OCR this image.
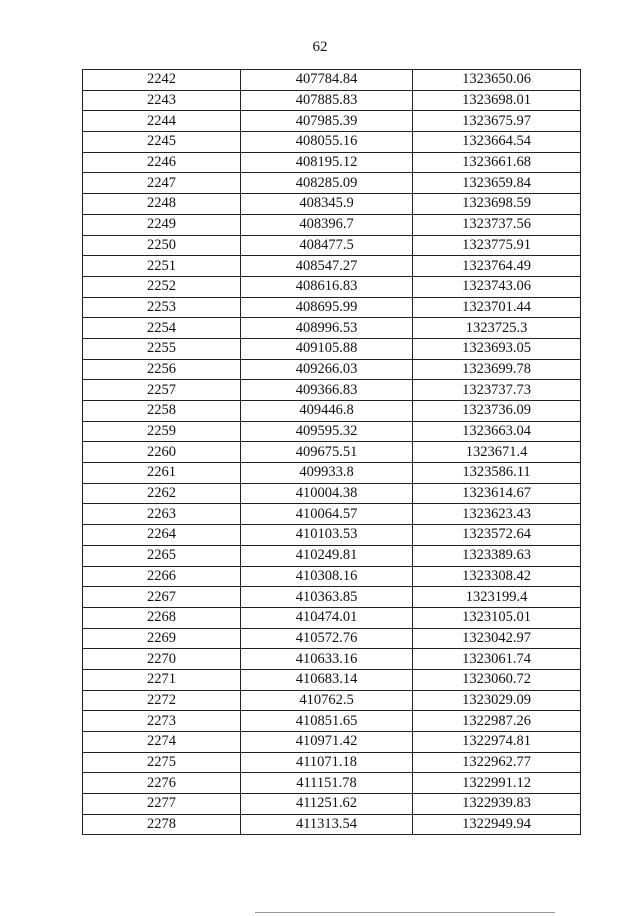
62
2242	407784.84	1323650.06
2243	407885.83	1323698.01
2244	407985.39	1323675.97
2245	408055.16	1323664.54
2246	408195.12	1323661.68
2247	408285.09	1323659.84
2248	408345.9	1323698.59
2249	408396.7	1323737.56
2250	408477.5	1323775.91
2251	408547.27	1323764.49
2252	408616.83	1323743.06
2253	408695.99	1323701.44
2254	408996.53	1323725.3
2255	409105.88	1323693.05
2256	409266.03	1323699.78
2257	409366.83	1323737.73
2258	409446.8	1323736.09
2259	409595.32	1323663.04
2260	409675.51	1323671.4
2261	409933.8	1323586.11
2262	410004.38	1323614.67
2263	410064.57	1323623.43
2264	410103.53	1323572.64
2265	410249.81	1323389.63
2266	410308.16	1323308.42
2267	410363.85	1323199.4
2268	410474.01	1323105.01
2269	410572.76	1323042.97
2270	410633.16	1323061.74
2271	410683.14	1323060.72
2272	410762.5	1323029.09
2273	410851.65	1322987.26
2274	410971.42	1322974.81
2275	411071.18	1322962.77
2276	411151.78	1322991.12
2277	411251.62	1322939.83
2278	411313.54	1322949.94
